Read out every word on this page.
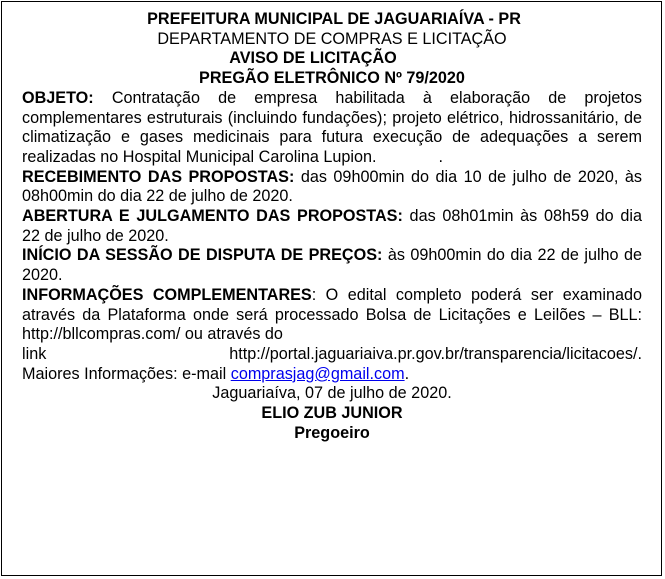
PREFEITURA MUNICIPAL DE JAGUARIAÍVA - PR
DEPARTAMENTO DE COMPRAS E LICITAÇÃO
AVISO DE LICITAÇÃO
PREGÃO ELETRÔNICO Nº 79/2020
OBJETO: Contratação de empresa habilitada à elaboração de projetos complementares estruturais (incluindo fundações); projeto elétrico, hidrossanitário, de climatização e gases medicinais para futura execução de adequações a serem realizadas no Hospital Municipal Carolina Lupion.	.
RECEBIMENTO DAS PROPOSTAS: das 09h00min do dia 10 de julho de 2020, às 08h00min do dia 22 de julho de 2020.
ABERTURA E JULGAMENTO DAS PROPOSTAS: das 08h01min às 08h59 do dia 22 de julho de 2020.
INÍCIO DA SESSÃO DE DISPUTA DE PREÇOS: às 09h00min do dia 22 de julho de 2020.
INFORMAÇÕES COMPLEMENTARES: O edital completo poderá ser examinado através da Plataforma onde será processado Bolsa de Licitações e Leilões – BLL: http://bllcompras.com/ ou através do
link	http://portal.jaguariaiva.pr.gov.br/transparencia/licitacoes/.
Maiores Informações: e-mail comprasjag@gmail.com.
Jaguariaíva, 07 de julho de 2020.
ELIO ZUB JUNIOR
Pregoeiro
